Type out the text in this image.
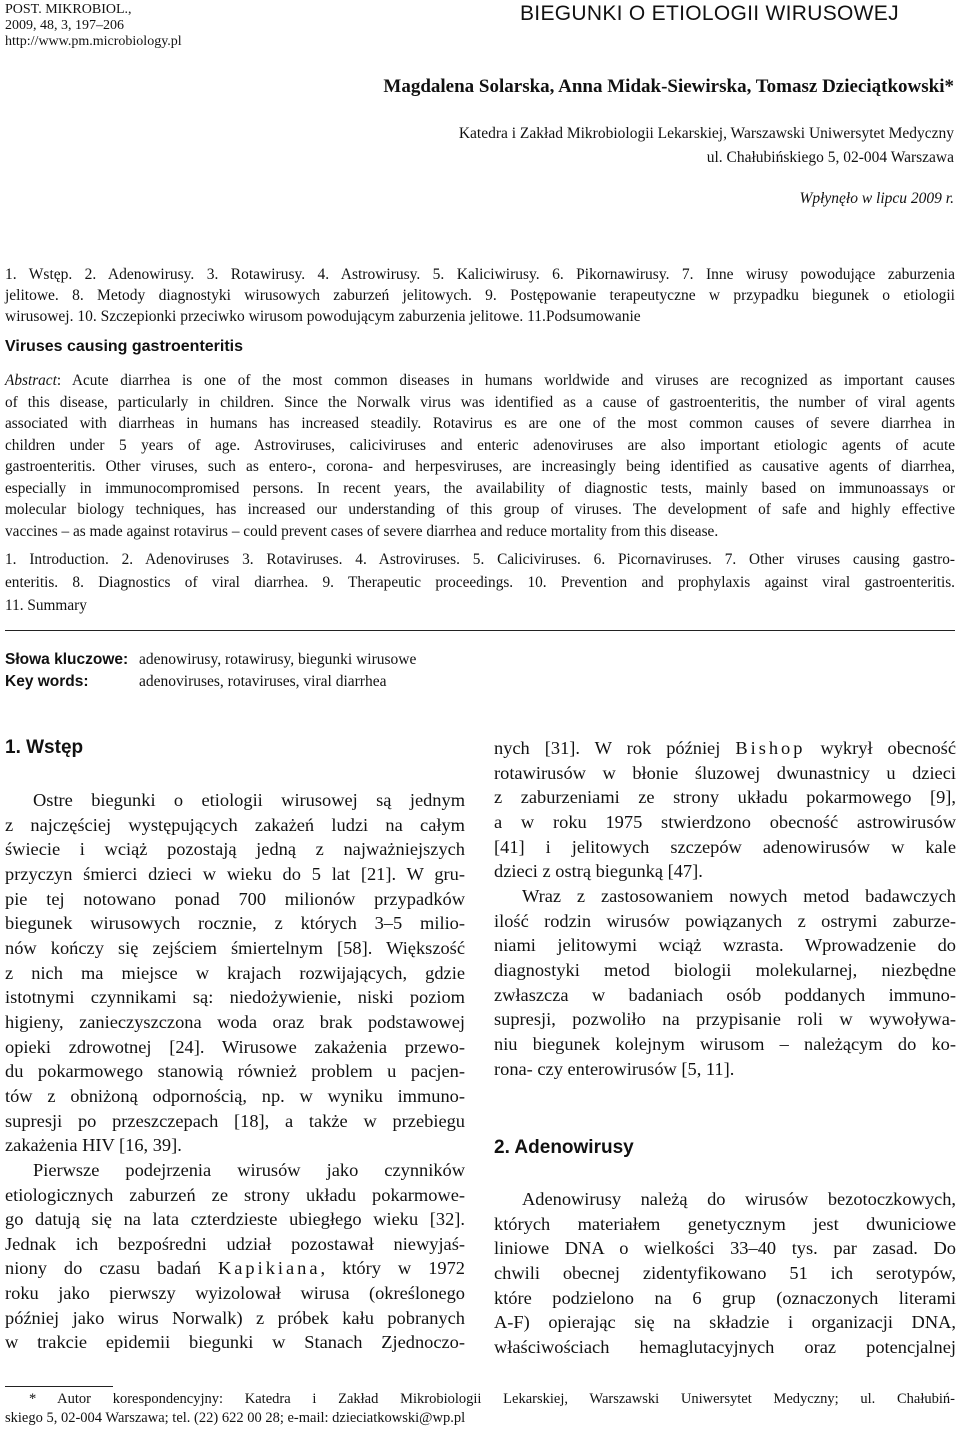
POST. MIKROBIOL.,
2009, 48, 3, 197–206
http://www.pm.microbiology.pl
BIEGUNKI O ETIOLOGII WIRUSOWEJ
Magdalena Solarska, Anna Midak-Siewirska, Tomasz Dzieciątkowski*
Katedra i Zakład Mikrobiologii Lekarskiej, Warszawski Uniwersytet Medyczny
ul. Chałubińskiego 5, 02-004 Warszawa
Wpłynęło w lipcu 2009 r.
1. Wstęp. 2. Adenowirusy. 3. Rotawirusy. 4. Astrowirusy. 5. Kaliciwirusy. 6. Pikornawirusy. 7. Inne wirusy powodujące zaburzenia
jelitowe. 8. Metody diagnostyki wirusowych zaburzeń jelitowych. 9. Postępowanie terapeutyczne w przypadku biegunek o etiologii
wirusowej. 10. Szczepionki przeciwko wirusom powodującym zaburzenia jelitowe. 11.Podsumowanie
Viruses causing gastroenteritis
Abstract: Acute diarrhea is one of the most common diseases in humans worldwide and viruses are recognized as important causes
of this disease, particularly in children. Since the Norwalk virus was identified as a cause of gastroenteritis, the number of viral agents
associated with diarrheas in humans has increased steadily. Rotavirus es are one of the most common causes of severe diarrhea in
children under 5 years of age. Astroviruses, caliciviruses and enteric adenoviruses are also important etiologic agents of acute
gastroenteritis. Other viruses, such as entero-, corona- and herpesviruses, are increasingly being identified as causative agents of diarrhea,
especially in immunocompromised persons. In recent years, the availability of diagnostic tests, mainly based on immunoassays or
molecular biology techniques, has increased our understanding of this group of viruses. The development of safe and highly effective
vaccines – as made against rotavirus – could prevent cases of severe diarrhea and reduce mortality from this disease.
1. Introduction. 2. Adenoviruses 3. Rotaviruses. 4. Astroviruses. 5. Caliciviruses. 6. Picornaviruses. 7. Other viruses causing gastro-
enteritis. 8. Diagnostics of viral diarrhea. 9. Therapeutic proceedings. 10. Prevention and prophylaxis against viral gastroenteritis.
11. Summary
Słowa kluczowe: adenowirusy, rotawirusy, biegunki wirusowe
Key words:	adenoviruses, rotaviruses, viral diarrhea
1. Wstęp
Ostre biegunki o etiologii wirusowej są jednym
z najczęściej występujących zakażeń ludzi na całym
świecie i wciąż pozostają jedną z najważniejszych
przyczyn śmierci dzieci w wieku do 5 lat [21]. W gru-
pie tej notowano ponad 700 milionów przypadków
biegunek wirusowych rocznie, z których 3–5 milio-
nów kończy się zejściem śmiertelnym [58]. Większość
z nich ma miejsce w krajach rozwijających, gdzie
istotnymi czynnikami są: niedożywienie, niski poziom
higieny, zanieczyszczona woda oraz brak podstawowej
opieki zdrowotnej [24]. Wirusowe zakażenia przewo-
du pokarmowego stanowią również problem u pacjen-
tów z obniżoną odpornością, np. w wyniku immuno-
supresji po przeszczepach [18], a także w przebiegu
zakażenia HIV [16, 39].
Pierwsze podejrzenia wirusów jako czynników
etiologicznych zaburzeń ze strony układu pokarmowe-
go datują się na lata czterdzieste ubiegłego wieku [32].
Jednak ich bezpośredni udział pozostawał niewyjaś-
niony do czasu badań Kapikiana, który w 1972
roku jako pierwszy wyizolował wirusa (określonego
później jako wirus Norwalk) z próbek kału pobranych
w trakcie epidemii biegunki w Stanach Zjednoczo-
nych [31]. W rok później Bishop wykrył obecność
rotawirusów w błonie śluzowej dwunastnicy u dzieci
z zaburzeniami ze strony układu pokarmowego [9],
a w roku 1975 stwierdzono obecność astrowirusów
[41] i jelitowych szczepów adenowirusów w kale
dzieci z ostrą biegunką [47].
Wraz z zastosowaniem nowych metod badawczych
ilość rodzin wirusów powiązanych z ostrymi zaburze-
niami jelitowymi wciąż wzrasta. Wprowadzenie do
diagnostyki metod biologii molekularnej, niezbędne
zwłaszcza w badaniach osób poddanych immuno-
supresji, pozwoliło na przypisanie roli w wywoływa-
niu biegunek kolejnym wirusom – należącym do ko-
rona- czy enterowirusów [5, 11].
2. Adenowirusy
Adenowirusy należą do wirusów bezotoczkowych,
których materiałem genetycznym jest dwuniciowe
liniowe DNA o wielkości 33–40 tys. par zasad. Do
chwili obecnej zidentyfikowano 51 ich serotypów,
które podzielono na 6 grup (oznaczonych literami
A-F) opierając się na składzie i organizacji DNA,
właściwościach hemaglutacyjnych oraz potencjalnej
* Autor korespondencyjny: Katedra i Zakład Mikrobiologii Lekarskiej, Warszawski Uniwersytet Medyczny; ul. Chałubiń-
skiego 5, 02-004 Warszawa; tel. (22) 622 00 28; e-mail: dzieciatkowski@wp.pl
